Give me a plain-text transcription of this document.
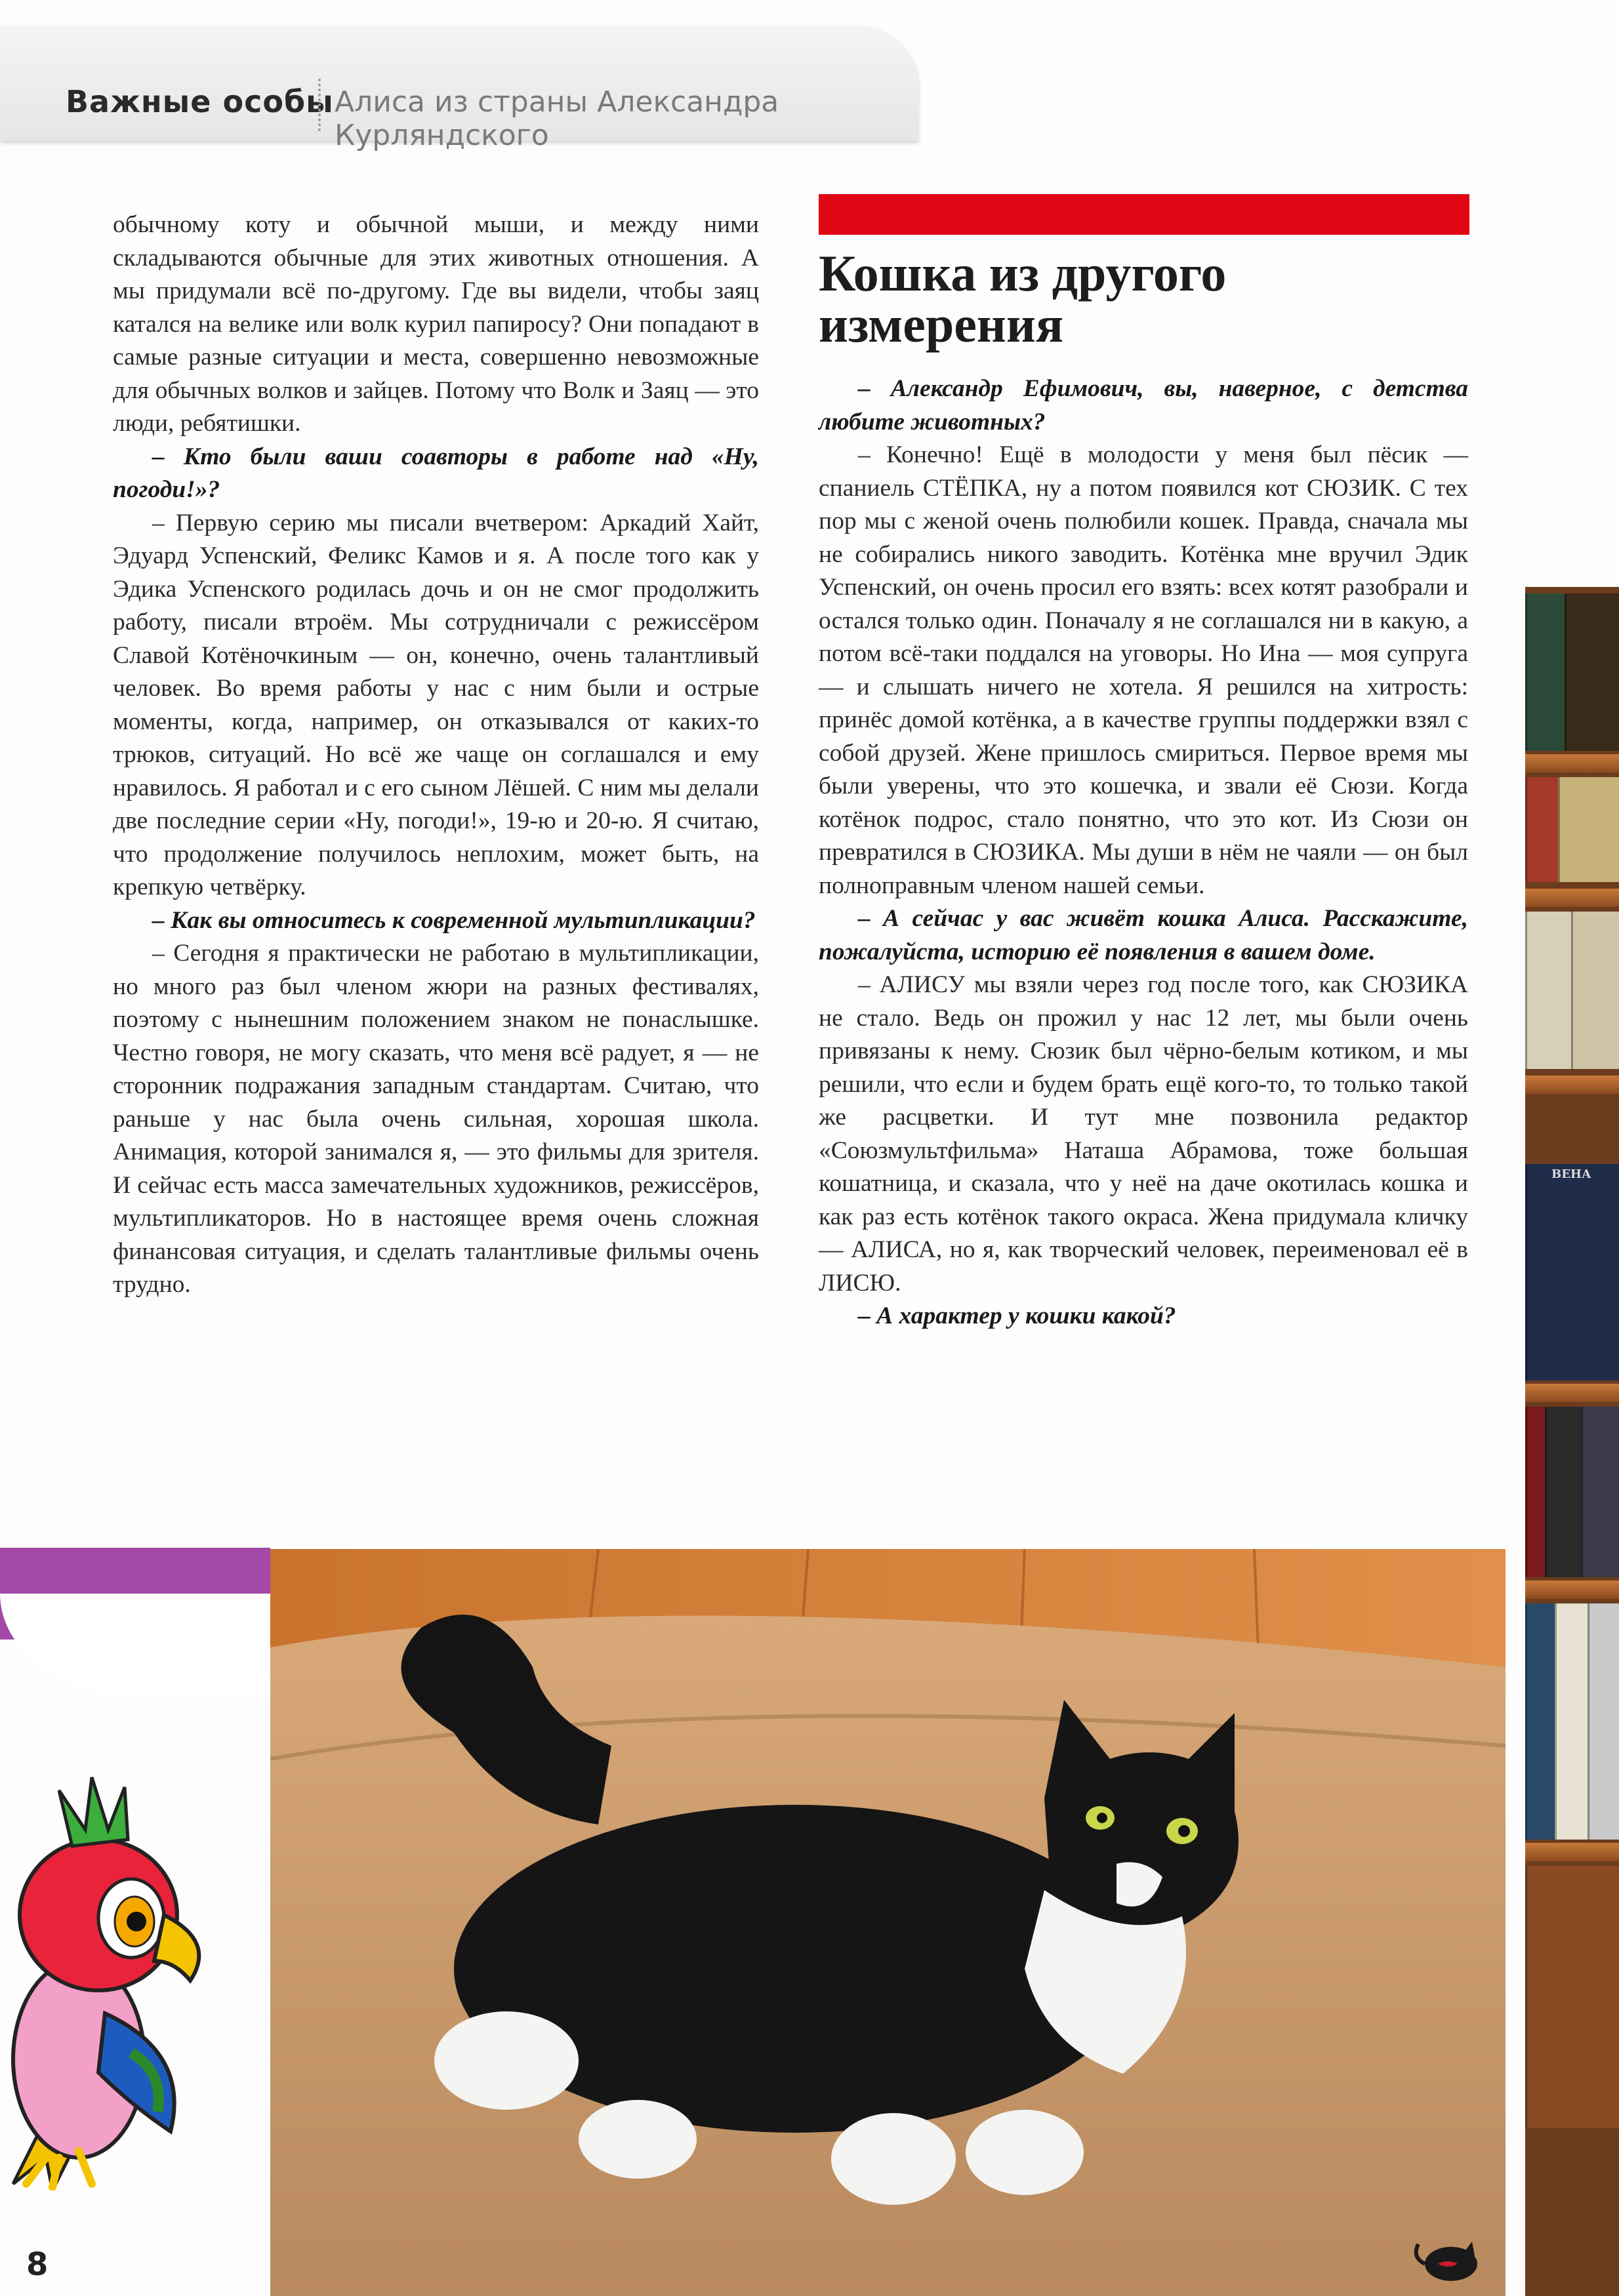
Важные особы Алиса из страны Александра Курляндского

обычному коту и обычной мыши, и между ними складываются обычные для этих животных отношения. А мы придумали всё по-другому. Где вы видели, чтобы заяц катался на велике или волк курил папиросу? Они попадают в самые разные ситуации и места, совершенно невозможные для обычных волков и зайцев. Потому что Волк и Заяц — это люди, ребятишки.

– Кто были ваши соавторы в работе над «Ну, погоди!»?

– Первую серию мы писали вчетвером: Аркадий Хайт, Эдуард Успенский, Феликс Камов и я. А после того как у Эдика Успенского родилась дочь и он не смог продолжить работу, писали втроём. Мы сотрудничали с режиссёром Славой Котёночкиным — он, конечно, очень талантливый человек. Во время работы у нас с ним были и острые моменты, когда, например, он отказывался от каких-то трюков, ситуаций. Но всё же чаще он соглашался и ему нравилось. Я работал и с его сыном Лёшей. С ним мы делали две последние серии «Ну, погоди!», 19-ю и 20-ю. Я считаю, что продолжение получилось неплохим, может быть, на крепкую четвёрку.

– Как вы относитесь к современной мультипликации?

– Сегодня я практически не работаю в мультипликации, но много раз был членом жюри на разных фестивалях, поэтому с нынешним положением знаком не понаслышке. Честно говоря, не могу сказать, что меня всё радует, я — не сторонник подражания западным стандартам. Считаю, что раньше у нас была очень сильная, хорошая школа. Анимация, которой занимался я, — это фильмы для зрителя. И сейчас есть масса замечательных художников, режиссёров, мультипликаторов. Но в настоящее время очень сложная финансовая ситуация, и сделать талантливые фильмы очень трудно.

Кошка из другого измерения

– Александр Ефимович, вы, наверное, с детства любите животных?

– Конечно! Ещё в молодости у меня был пёсик — спаниель СТЁПКА, ну а потом появился кот СЮЗИК. С тех пор мы с женой очень полюбили кошек. Правда, сначала мы не собирались никого заводить. Котёнка мне вручил Эдик Успенский, он очень просил его взять: всех котят разобрали и остался только один. Поначалу я не соглашался ни в какую, а потом всё-таки поддался на уговоры. Но Ина — моя супруга — и слышать ничего не хотела. Я решился на хитрость: принёс домой котёнка, а в качестве группы поддержки взял с собой друзей. Жене пришлось смириться. Первое время мы были уверены, что это кошечка, и звали её Сюзи. Когда котёнок подрос, стало понятно, что это кот. Из Сюзи он превратился в СЮЗИКА. Мы души в нём не чаяли — он был полноправным членом нашей семьи.

– А сейчас у вас живёт кошка Алиса. Расскажите, пожалуйста, историю её появления в вашем доме.

– АЛИСУ мы взяли через год после того, как СЮЗИКА не стало. Ведь он прожил у нас 12 лет, мы были очень привязаны к нему. Сюзик был чёрно-белым котиком, и мы решили, что если и будем брать ещё кого-то, то только такой же расцветки. И тут мне позвонила редактор «Союзмультфильма» Наташа Абрамова, тоже большая кошатница, и сказала, что у неё на даче окотилась кошка и как раз есть котёнок такого окраса. Жена придумала кличку — АЛИСА, но я, как творческий человек, переименовал её в ЛИСЮ.

– А характер у кошки какой?

ВЕНА
8
